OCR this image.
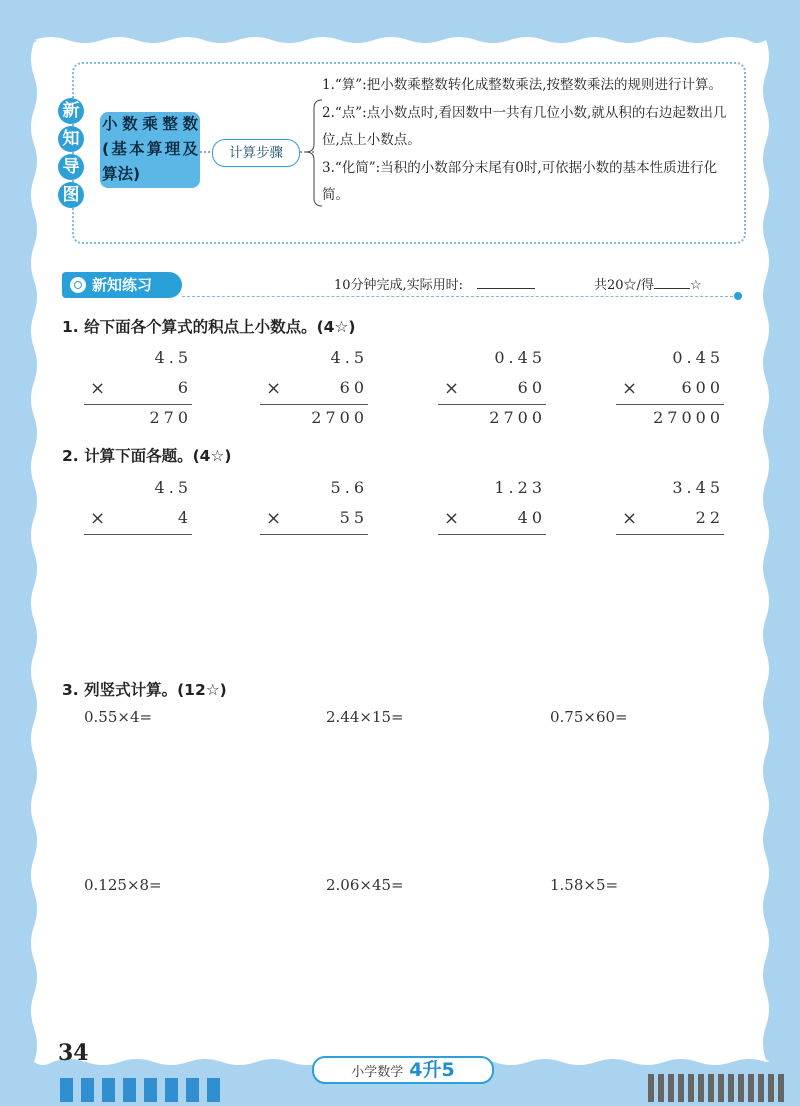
新
知
导
图
小数乘整数(基本算理及算法)
计算步骤
1.“算”:把小数乘整数转化成整数乘法,按整数乘法的规则进行计算。
2.“点”:点小数点时,看因数中一共有几位小数,就从积的右边起数出几位,点上小数点。
3.“化简”:当积的小数部分末尾有0时,可依据小数的基本性质进行化简。
新知练习	10分钟完成,实际用时:	共20☆/得	☆
1. 给下面各个算式的积点上小数点。(4☆)
4.5
×	6
270
4.5
×	60
2700
0.45
×	60
2700
0.45
×	600
27000
2. 计算下面各题。(4☆)
4.5
×	4
5.6
×	55
1.23
×	40
3.45
×	22
3. 列竖式计算。(12☆)
0.55×4=	2.44×15=	0.75×60=
0.125×8=	2.06×45=	1.58×5=
34
小学数学 4升5
